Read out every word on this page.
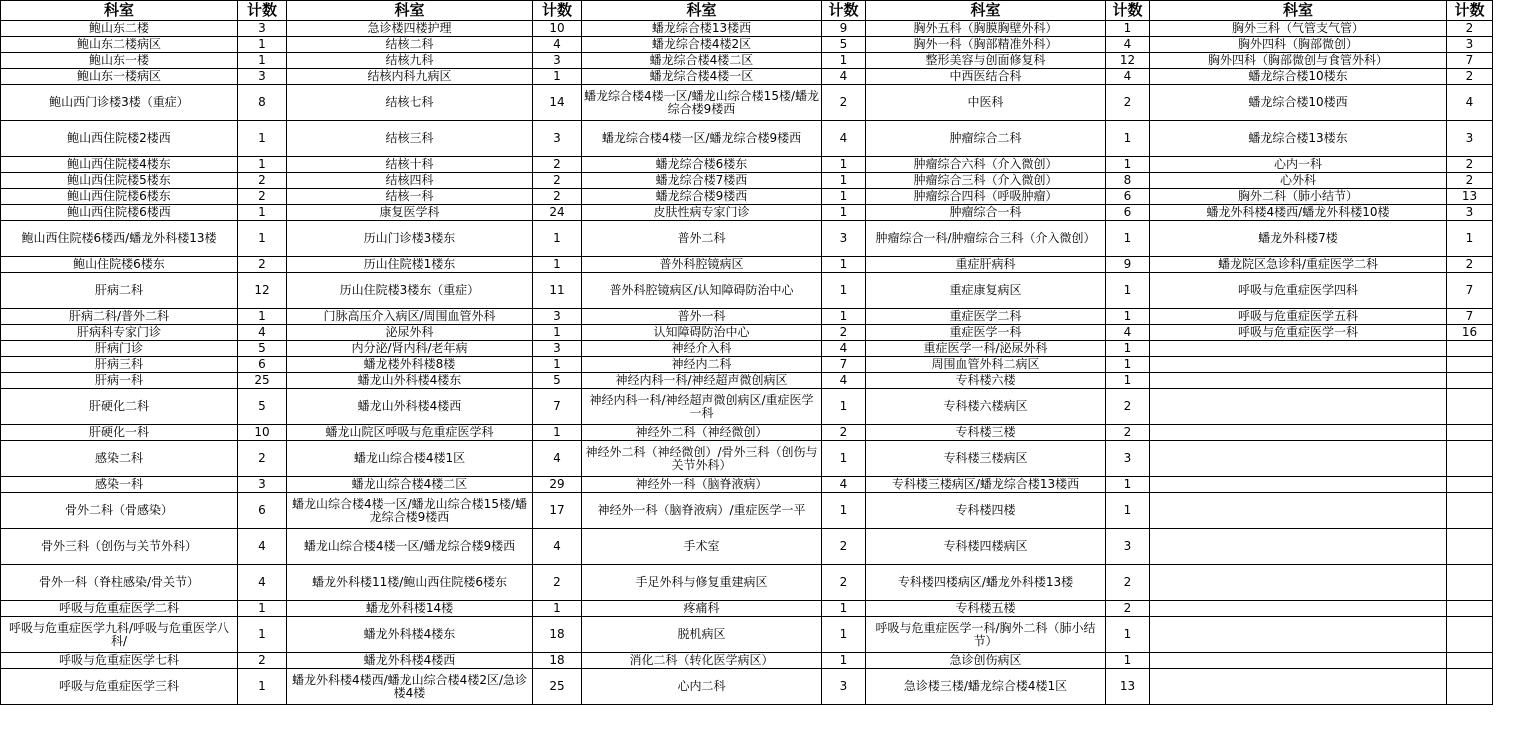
科室	计数	科室	计数	科室	计数	科室	计数	科室	计数
鲍山东二楼	3	急诊楼四楼护理	10	蟠龙综合楼13楼西	9	胸外五科（胸膜胸壁外科）	1	胸外三科（气管支气管）	2
鲍山东二楼病区	1	结核二科	4	蟠龙综合楼4楼2区	5	胸外一科（胸部精准外科）	4	胸外四科（胸部微创）	3
鲍山东一楼	1	结核九科	3	蟠龙综合楼4楼二区	1	整形美容与创面修复科	12	胸外四科（胸部微创与食管外科）	7
鲍山东一楼病区	3	结核内科九病区	1	蟠龙综合楼4楼一区	4	中西医结合科	4	蟠龙综合楼10楼东	2
鲍山西门诊楼3楼（重症）	8	结核七科	14	蟠龙综合楼4楼一区/蟠龙山综合楼15楼/蟠龙综合楼9楼西	2	中医科	2	蟠龙综合楼10楼西	4
鲍山西住院楼2楼西	1	结核三科	3	蟠龙综合楼4楼一区/蟠龙综合楼9楼西	4	肿瘤综合二科	1	蟠龙综合楼13楼东	3
鲍山西住院楼4楼东	1	结核十科	2	蟠龙综合楼6楼东	1	肿瘤综合六科（介入微创）	1	心内一科	2
鲍山西住院楼5楼东	2	结核四科	2	蟠龙综合楼7楼西	1	肿瘤综合三科（介入微创）	8	心外科	2
鲍山西住院楼6楼东	2	结核一科	2	蟠龙综合楼9楼西	1	肿瘤综合四科（呼吸肿瘤）	6	胸外二科（肺小结节）	13
鲍山西住院楼6楼西	1	康复医学科	24	皮肤性病专家门诊	1	肿瘤综合一科	6	蟠龙外科楼4楼西/蟠龙外科楼10楼	3
鲍山西住院楼6楼西/蟠龙外科楼13楼	1	历山门诊楼3楼东	1	普外二科	3	肿瘤综合一科/肿瘤综合三科（介入微创）	1	蟠龙外科楼7楼	1
鲍山住院楼6楼东	2	历山住院楼1楼东	1	普外科腔镜病区	1	重症肝病科	9	蟠龙院区急诊科/重症医学二科	2
肝病二科	12	历山住院楼3楼东（重症）	11	普外科腔镜病区/认知障碍防治中心	1	重症康复病区	1	呼吸与危重症医学四科	7
肝病二科/普外二科	1	门脉高压介入病区/周围血管外科	3	普外一科	1	重症医学二科	1	呼吸与危重症医学五科	7
肝病科专家门诊	4	泌尿外科	1	认知障碍防治中心	2	重症医学一科	4	呼吸与危重症医学一科	16
肝病门诊	5	内分泌/肾内科/老年病	3	神经介入科	4	重症医学一科/泌尿外科	1		
肝病三科	6	蟠龙楼外科楼8楼	1	神经内二科	7	周围血管外科二病区	1		
肝病一科	25	蟠龙山外科楼4楼东	5	神经内科一科/神经超声微创病区	4	专科楼六楼	1		
肝硬化二科	5	蟠龙山外科楼4楼西	7	神经内科一科/神经超声微创病区/重症医学一科	1	专科楼六楼病区	2		
肝硬化一科	10	蟠龙山院区呼吸与危重症医学科	1	神经外二科（神经微创）	2	专科楼三楼	2		
感染二科	2	蟠龙山综合楼4楼1区	4	神经外二科（神经微创）/骨外三科（创伤与关节外科）	1	专科楼三楼病区	3		
感染一科	3	蟠龙山综合楼4楼二区	29	神经外一科（脑脊液病）	4	专科楼三楼病区/蟠龙综合楼13楼西	1		
骨外二科（骨感染）	6	蟠龙山综合楼4楼一区/蟠龙山综合楼15楼/蟠龙综合楼9楼西	17	神经外一科（脑脊液病）/重症医学一平	1	专科楼四楼	1		
骨外三科（创伤与关节外科）	4	蟠龙山综合楼4楼一区/蟠龙综合楼9楼西	4	手术室	2	专科楼四楼病区	3		
骨外一科（脊柱感染/骨关节）	4	蟠龙外科楼11楼/鲍山西住院楼6楼东	2	手足外科与修复重建病区	2	专科楼四楼病区/蟠龙外科楼13楼	2		
呼吸与危重症医学二科	1	蟠龙外科楼14楼	1	疼痛科	1	专科楼五楼	2		
呼吸与危重症医学九科/呼吸与危重医学八科/	1	蟠龙外科楼4楼东	18	脱机病区	1	呼吸与危重症医学一科/胸外二科（肺小结节）	1		
呼吸与危重症医学七科	2	蟠龙外科楼4楼西	18	消化二科（转化医学病区）	1	急诊创伤病区	1		
呼吸与危重症医学三科	1	蟠龙外科楼4楼西/蟠龙山综合楼4楼2区/急诊楼4楼	25	心内二科	3	急诊楼三楼/蟠龙综合楼4楼1区	13		
